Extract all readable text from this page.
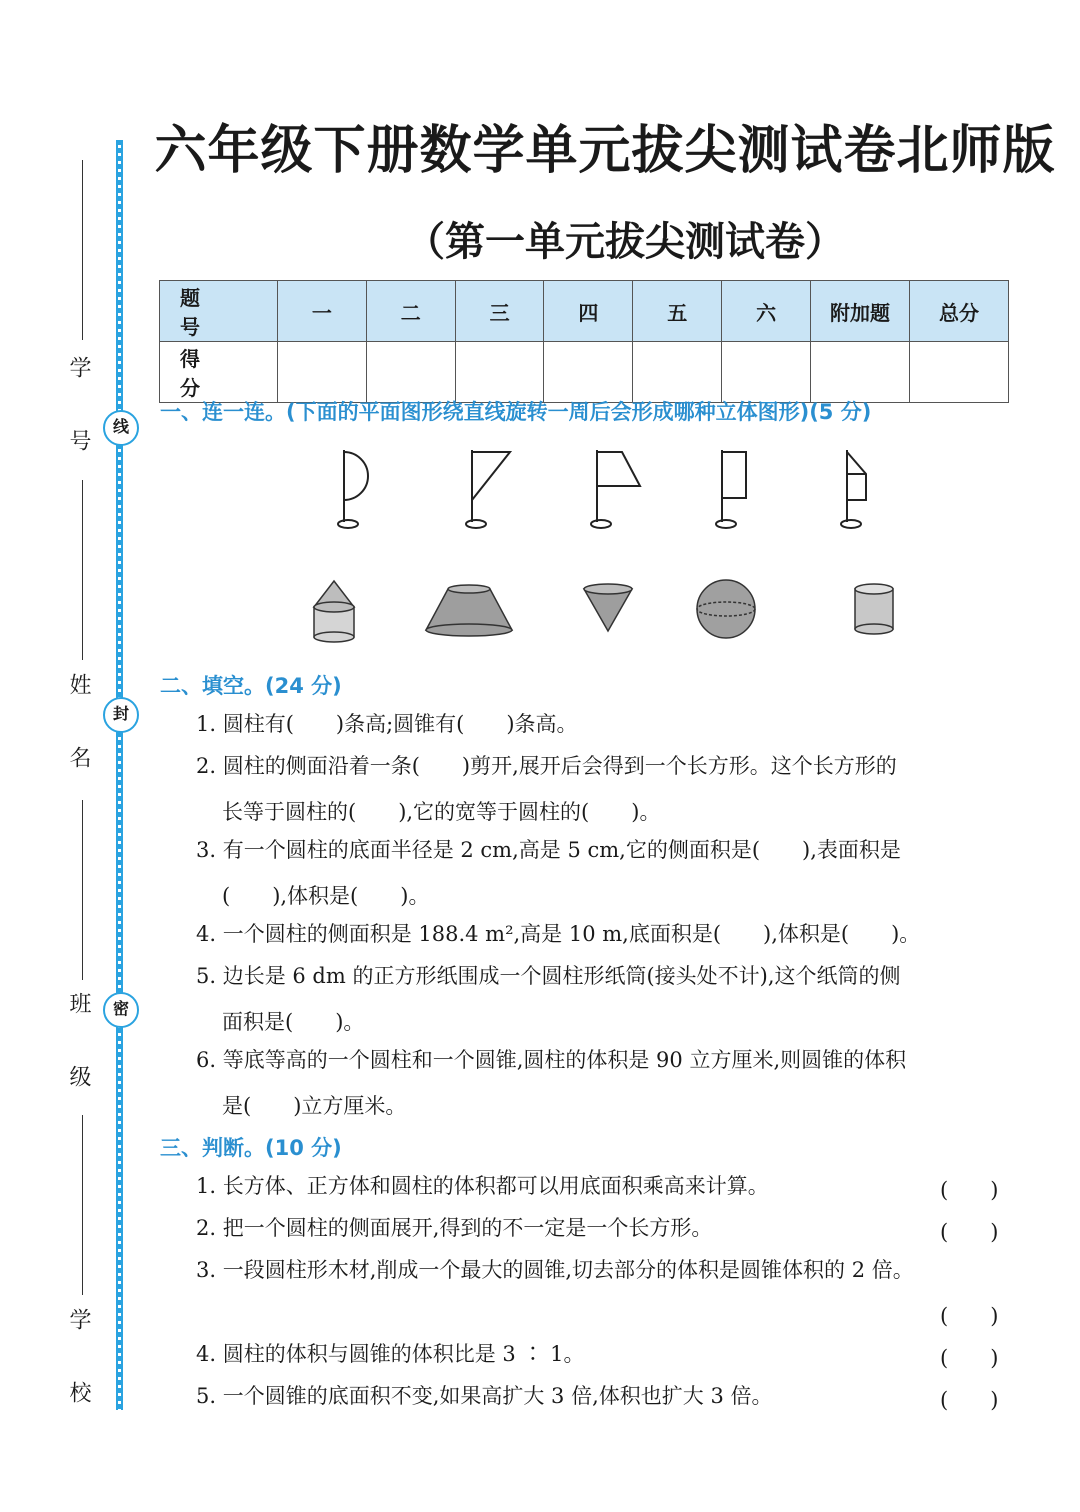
线
封
密
学 号
姓 名
班 级
学 校
六年级下册数学单元拔尖测试卷北师版
（第一单元拔尖测试卷）
题　号	一	二	三	四	五	六	附加题	总分
得　分								
一、连一连。(下面的平面图形绕直线旋转一周后会形成哪种立体图形)(5 分)
二、填空。(24 分)
1. 圆柱有(　　)条高;圆锥有(　　)条高。
2. 圆柱的侧面沿着一条(　　)剪开,展开后会得到一个长方形。这个长方形的
长等于圆柱的(　　),它的宽等于圆柱的(　　)。
3. 有一个圆柱的底面半径是 2 cm,高是 5 cm,它的侧面积是(　　),表面积是
(　　),体积是(　　)。
4. 一个圆柱的侧面积是 188.4 m²,高是 10 m,底面积是(　　),体积是(　　)。
5. 边长是 6 dm 的正方形纸围成一个圆柱形纸筒(接头处不计),这个纸筒的侧
面积是(　　)。
6. 等底等高的一个圆柱和一个圆锥,圆柱的体积是 90 立方厘米,则圆锥的体积
是(　　)立方厘米。
三、判断。(10 分)
1. 长方体、正方体和圆柱的体积都可以用底面积乘高来计算。	(　　)
2. 把一个圆柱的侧面展开,得到的不一定是一个长方形。	(　　)
3. 一段圆柱形木材,削成一个最大的圆锥,切去部分的体积是圆锥体积的 2 倍。
(　　)
4. 圆柱的体积与圆锥的体积比是 3 ∶ 1。	(　　)
5. 一个圆锥的底面积不变,如果高扩大 3 倍,体积也扩大 3 倍。	(　　)
